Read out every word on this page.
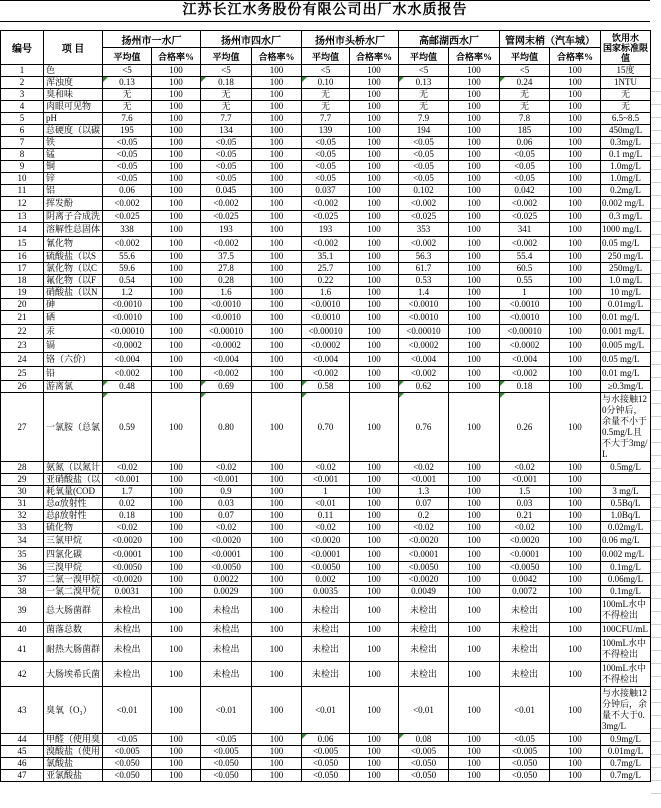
江苏长江水务股份有限公司出厂水水质报告
编号	项 目	扬州市一水厂		扬州市四水厂		扬州市头桥水厂		高邮湖西水厂		管网末梢（汽车城）		饮用水
国家标准限值

		平均值	合格率%	平均值	合格率%	平均值	合格率%	平均值	合格率%	平均值	合格率%	
1	色	<5	100	<5	100	<5	100	<5	100	<5	100	15度
2	浑浊度	0.13	100	0.18	100	0.10	100	0.13	100	0.24	100	1NTU
3	臭和味	无	100	无	100	无	100	无	100	无	100	无
4	肉眼可见物	无	100	无	100	无	100	无	100	无	100	无
5	pH	7.6	100	7.7	100	7.7	100	7.9	100	7.8	100	6.5~8.5
6	总硬度（以碳	195	100	134	100	139	100	194	100	185	100	450mg/L
7	铁	<0.05	100	<0.05	100	<0.05	100	<0.05	100	0.06	100	0.3mg/L
8	锰	<0.05	100	<0.05	100	<0.05	100	<0.05	100	<0.05	100	0.1 mg/L
9	铜	<0.05	100	<0.05	100	<0.05	100	<0.05	100	<0.05	100	1.0mg/L
10	锌	<0.05	100	<0.05	100	<0.05	100	<0.05	100	<0.05	100	1.0mg/L
11	铝	0.06	100	0.045	100	0.037	100	0.102	100	0.042	100	0.2mg/L
12	挥发酚	<0.002	100	<0.002	100	<0.002	100	<0.002	100	<0.002	100	0.002 mg/L
13	阴离子合成洗	<0.025	100	<0.025	100	<0.025	100	<0.025	100	<0.025	100	0.3 mg/L
14	溶解性总固体	338	100	193	100	193	100	353	100	341	100	1000 mg/L
15	氰化物	<0.002	100	<0.002	100	<0.002	100	<0.002	100	<0.002	100	0.05 mg/L
16	硫酸盐（以S	55.6	100	37.5	100	35.1	100	56.3	100	55.4	100	250 mg/L
17	氯化物（以C	59.6	100	27.8	100	25.7	100	61.7	100	60.5	100	250mg/L
18	氟化物（以F	0.54	100	0.28	100	0.22	100	0.53	100	0.55	100	1.0 mg/L
19	硝酸盐（以N	1.2	100	1.6	100	1.6	100	1.4	100	1	100	10 mg/L
20	砷	<0.0010	100	<0.0010	100	<0.0010	100	<0.0010	100	<0.0010	100	0.01mg/L
21	硒	<0.0010	100	<0.0010	100	<0.0010	100	<0.0010	100	<0.0010	100	0.01 mg/L
22	汞	<0.00010	100	<0.00010	100	<0.00010	100	<0.00010	100	<0.00010	100	0.001 mg/L
23	镉	<0.0002	100	<0.0002	100	<0.0002	100	<0.0002	100	<0.0002	100	0.005 mg/L
24	铬（六价）	<0.004	100	<0.004	100	<0.004	100	<0.004	100	<0.004	100	0.05 mg/L
25	铅	<0.002	100	<0.002	100	<0.002	100	<0.002	100	<0.002	100	0.01 mg/L
26	游离氯	0.48	100	0.69	100	0.58	100	0.62	100	0.18	100	≥0.3mg/L
27	一氯胺（总氯	0.59	100	0.80	100	0.70	100	0.76	100	0.26	100	与水接触120分钟后，余量不小于0.5mg/L且不大于3mg/L
28	氨氮（以氮计	<0.02	100	<0.02	100	<0.02	100	<0.02	100	<0.02	100	0.5mg/L
29	亚硝酸盐（以	<0.001	100	<0.001	100	<0.001	100	<0.001	100	<0.001	100	
30	耗氧量(COD	1.7	100	0.9	100	1	100	1.3	100	1.5	100	3 mg/L
31	总α放射性	0.02	100	0.03	100	<0.01	100	0.07	100	0.03	100	0.5Bq/L
32	总β放射性	0.18	100	0.07	100	0.11	100	0.2	100	0.21	100	1.0Bq/L
33	硫化物	<0.02	100	<0.02	100	<0.02	100	<0.02	100	<0.02	100	0.02mg/L
34	三氯甲烷	<0.0020	100	<0.0020	100	<0.0020	100	<0.0020	100	<0.0020	100	0.06 mg/L
35	四氯化碳	<0.0001	100	<0.0001	100	<0.0001	100	<0.0001	100	<0.0001	100	0.002 mg/L
36	三溴甲烷	<0.0050	100	<0.0050	100	<0.0050	100	<0.0050	100	<0.0050	100	0.1mg/L
37	二氯一溴甲烷	<0.0020	100	0.0022	100	0.002	100	<0.0020	100	0.0042	100	0.06mg/L
38	一氯二溴甲烷	0.0031	100	0.0029	100	0.0035	100	0.0049	100	0.0072	100	0.1mg/L
39	总大肠菌群	未检出	100	未检出	100	未检出	100	未检出	100	未检出	100	100mL水中不得检出
40	菌落总数	未检出	100	未检出	100	未检出	100	未检出	100	未检出	100	100CFU/mL
41	耐热大肠菌群	未检出	100	未检出	100	未检出	100	未检出	100	未检出	100	100mL水中不得检出
42	大肠埃希氏菌	未检出	100	未检出	100	未检出	100	未检出	100	未检出	100	100mL水中不得检出
43	臭氧（O₃）	<0.01	100	<0.01	100	<0.01	100	<0.01	100	<0.01	100	与水接触12分钟后，余量不大于0.3mg/L
44	甲醛（使用臭	<0.05	100	<0.05	100	0.06	100	0.08	100	<0.05	100	0.9mg/L
45	溴酸盐（使用	<0.005	100	<0.005	100	<0.005	100	<0.005	100	<0.005	100	0.01mg/L
46	氯酸盐	<0.050	100	<0.050	100	<0.050	100	<0.050	100	<0.050	100	0.7mg/L
47	亚氯酸盐	<0.050	100	<0.050	100	<0.050	100	<0.050	100	<0.050	100	0.7mg/L
